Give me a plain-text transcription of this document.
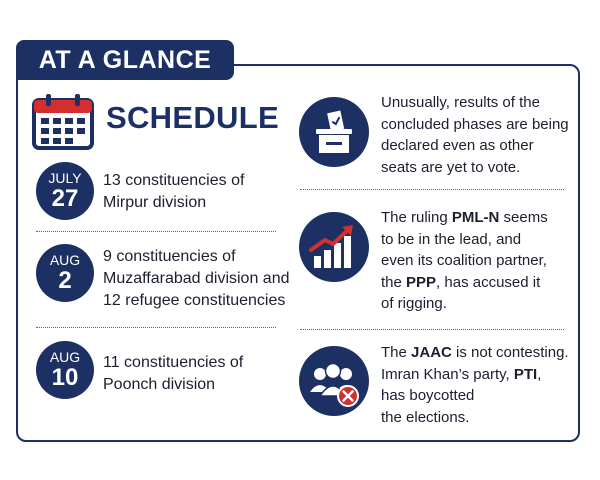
AT A GLANCE
SCHEDULE
JULY
27
13 constituencies of
Mirpur division
AUG
2
9 constituencies of
Muzaffarabad division and
12 refugee constituencies
AUG
10
11 constituencies of
Poonch division
Unusually, results of the
concluded phases are being
declared even as other
seats are yet to vote.
The ruling PML-N seems
to be in the lead, and
even its coalition partner,
the PPP, has accused it
of rigging.
The JAAC is not contesting.
Imran Khan’s party, PTI,
has boycotted
the elections.
